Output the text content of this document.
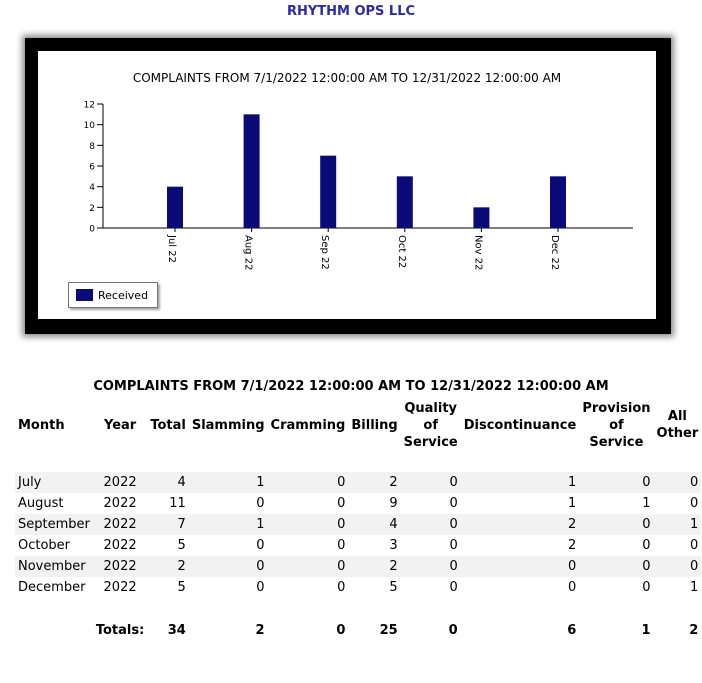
RHYTHM OPS LLC
COMPLAINTS FROM 7/1/2022 12:00:00 AM TO 12/31/2022 12:00:00 AM
0
2
4
6
8
10
12
Jul 22	Aug 22	Sep 22	Oct 22	Nov 22	Dec 22
Received
COMPLAINTS FROM 7/1/2022 12:00:00 AM TO 12/31/2022 12:00:00 AM
Month	Year	Total	Slamming	Cramming	Billing	Quality
of
Service	Discontinuance	Provision
of
Service	All
Other

July	2022	4	1	0	2	0	1	0	0
August	2022	11	0	0	9	0	1	1	0
September	2022	7	1	0	4	0	2	0	1
October	2022	5	0	0	3	0	2	0	0
November	2022	2	0	0	2	0	0	0	0
December	2022	5	0	0	5	0	0	0	1

	Totals:	34	2	0	25	0	6	1	2
